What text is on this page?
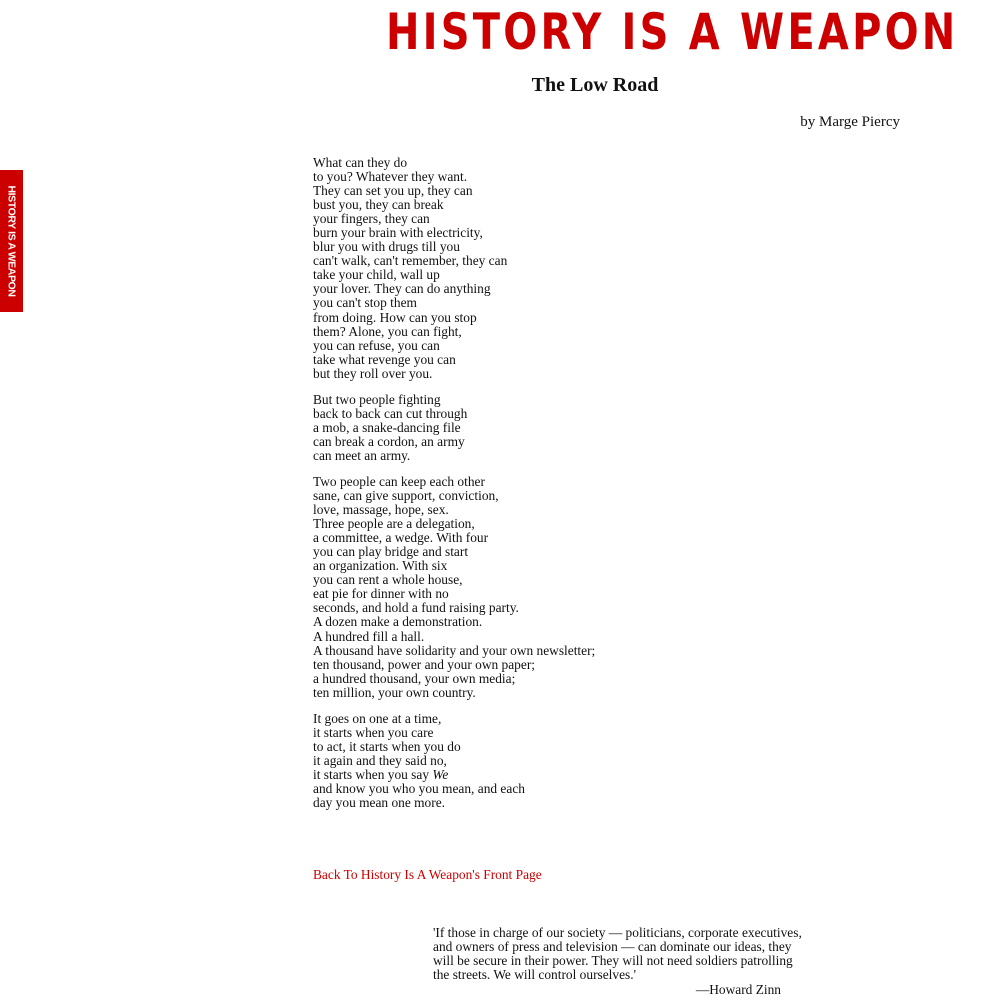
HISTORY IS A WEAPON
HISTORY IS A WEAPON
The Low Road
by Marge Piercy

What can they do
to you? Whatever they want.
They can set you up, they can
bust you, they can break
your fingers, they can
burn your brain with electricity,
blur you with drugs till you
can't walk, can't remember, they can
take your child, wall up
your lover. They can do anything
you can't stop them
from doing. How can you stop
them? Alone, you can fight,
you can refuse, you can
take what revenge you can
but they roll over you.

But two people fighting
back to back can cut through
a mob, a snake-dancing file
can break a cordon, an army
can meet an army.

Two people can keep each other
sane, can give support, conviction,
love, massage, hope, sex.
Three people are a delegation,
a committee, a wedge. With four
you can play bridge and start
an organization. With six
you can rent a whole house,
eat pie for dinner with no
seconds, and hold a fund raising party.
A dozen make a demonstration.
A hundred fill a hall.
A thousand have solidarity and your own newsletter;
ten thousand, power and your own paper;
a hundred thousand, your own media;
ten million, your own country.

It goes on one at a time,
it starts when you care
to act, it starts when you do
it again and they said no,
it starts when you say We
and know you who you mean, and each
day you mean one more.

Back To History Is A Weapon's Front Page
'If those in charge of our society — politicians, corporate executives,
and owners of press and television — can dominate our ideas, they
will be secure in their power. They will not need soldiers patrolling
the streets. We will control ourselves.'
—Howard Zinn
